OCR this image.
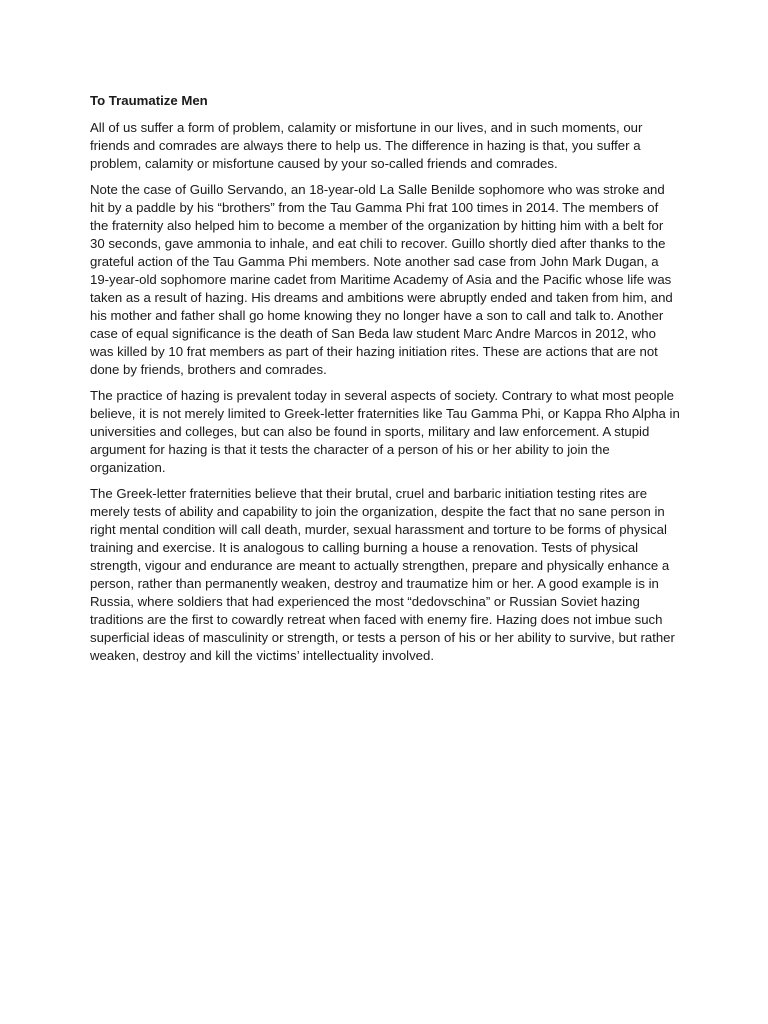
To Traumatize Men

All of us suffer a form of problem, calamity or misfortune in our lives, and in such moments, our friends and comrades are always there to help us. The difference in hazing is that, you suffer a problem, calamity or misfortune caused by your so-called friends and comrades.

Note the case of Guillo Servando, an 18-year-old La Salle Benilde sophomore who was stroke and hit by a paddle by his “brothers” from the Tau Gamma Phi frat 100 times in 2014. The members of the fraternity also helped him to become a member of the organization by hitting him with a belt for 30 seconds, gave ammonia to inhale, and eat chili to recover. Guillo shortly died after thanks to the grateful action of the Tau Gamma Phi members. Note another sad case from John Mark Dugan, a 19-year-old sophomore marine cadet from Maritime Academy of Asia and the Pacific whose life was taken as a result of hazing. His dreams and ambitions were abruptly ended and taken from him, and his mother and father shall go home knowing they no longer have a son to call and talk to. Another case of equal significance is the death of San Beda law student Marc Andre Marcos in 2012, who was killed by 10 frat members as part of their hazing initiation rites. These are actions that are not done by friends, brothers and comrades.

The practice of hazing is prevalent today in several aspects of society. Contrary to what most people believe, it is not merely limited to Greek-letter fraternities like Tau Gamma Phi, or Kappa Rho Alpha in universities and colleges, but can also be found in sports, military and law enforcement. A stupid argument for hazing is that it tests the character of a person of his or her ability to join the organization.

The Greek-letter fraternities believe that their brutal, cruel and barbaric initiation testing rites are merely tests of ability and capability to join the organization, despite the fact that no sane person in right mental condition will call death, murder, sexual harassment and torture to be forms of physical training and exercise. It is analogous to calling burning a house a renovation. Tests of physical strength, vigour and endurance are meant to actually strengthen, prepare and physically enhance a person, rather than permanently weaken, destroy and traumatize him or her. A good example is in Russia, where soldiers that had experienced the most “dedovschina” or Russian Soviet hazing traditions are the first to cowardly retreat when faced with enemy fire. Hazing does not imbue such superficial ideas of masculinity or strength, or tests a person of his or her ability to survive, but rather weaken, destroy and kill the victims’ intellectuality involved.
